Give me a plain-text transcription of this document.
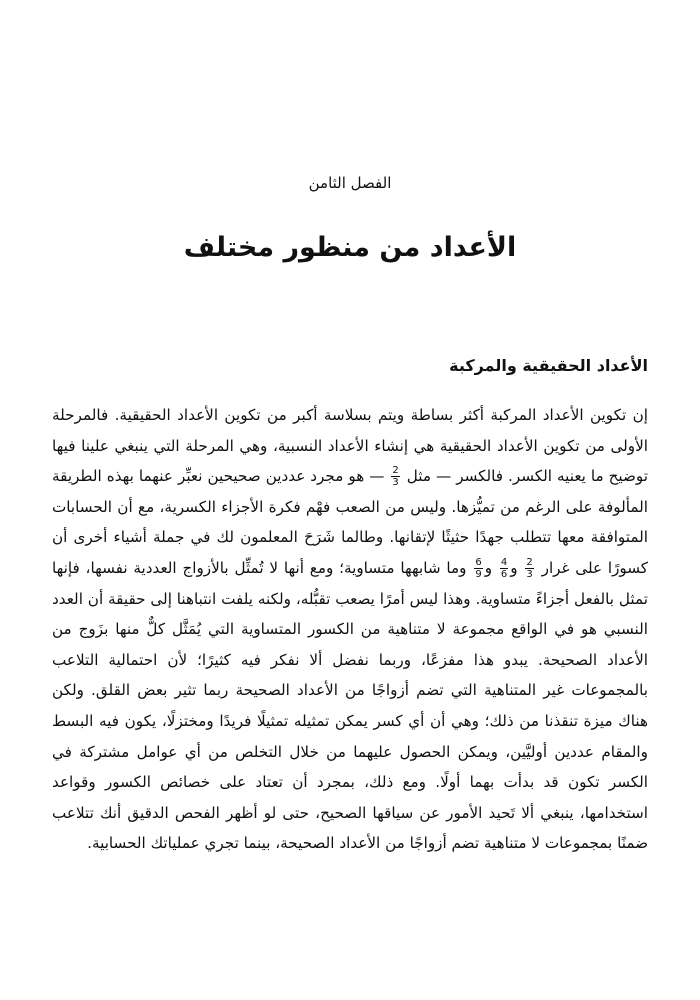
الفصل الثامن
الأعداد من منظور مختلف
الأعداد الحقيقية والمركبة

إن تكوين الأعداد المركبة أكثر بساطة ويتم بسلاسة أكبر من تكوين الأعداد الحقيقية. فالمرحلة الأولى من تكوين الأعداد الحقيقية هي إنشاء الأعداد النسبية، وهي المرحلة التي ينبغي علينا فيها توضيح ما يعنيه الكسر. فالكسر — مثل
$\frac{2}{3}$
— هو مجرد عددين صحيحين نعبِّر عنهما بهذه الطريقة المألوفة على الرغم من تميُّزها. وليس من الصعب فهْم فكرة الأجزاء الكسرية، مع أن الحسابات المتوافقة معها تتطلب جهدًا حثيثًا لإتقانها. وطالما شَرَحَ المعلمون لك في جملة أشياء أخرى أن كسورًا على غرار
$\frac{2}{3}$
و
$\frac{4}{6}$
و
$\frac{6}{9}$
وما شابهها متساوية؛ ومع أنها لا تُمثِّل بالأزواج العددية نفسها، فإنها تمثل بالفعل أجزاءً متساوية. وهذا ليس أمرًا يصعب تقبُّله، ولكنه يلفت انتباهنا إلى حقيقة أن العدد النسبي هو في الواقع مجموعة لا متناهية من الكسور المتساوية التي يُمَثَّل كلٌّ منها بزَوج من الأعداد الصحيحة. يبدو هذا مفزعًا، وربما نفضل ألا نفكر فيه كثيرًا؛ لأن احتمالية التلاعب بالمجموعات غير المتناهية التي تضم أزواجًا من الأعداد الصحيحة ربما تثير بعض القلق. ولكن هناك ميزة تنقذنا من ذلك؛ وهي أن أي كسر يمكن تمثيله تمثيلًا فريدًا ومختزلًا، يكون فيه البسط والمقام عددين أوليَّين، ويمكن الحصول عليهما من خلال التخلص من أي عوامل مشتركة في الكسر تكون قد بدأت بهما أولًا. ومع ذلك، بمجرد أن تعتاد على خصائص الكسور وقواعد استخدامها، ينبغي ألا تَحيد الأمور عن سياقها الصحيح، حتى لو أظهر الفحص الدقيق أنك تتلاعب ضمنًا بمجموعات لا متناهية تضم أزواجًا من الأعداد الصحيحة، بينما تجري عملياتك الحسابية.
